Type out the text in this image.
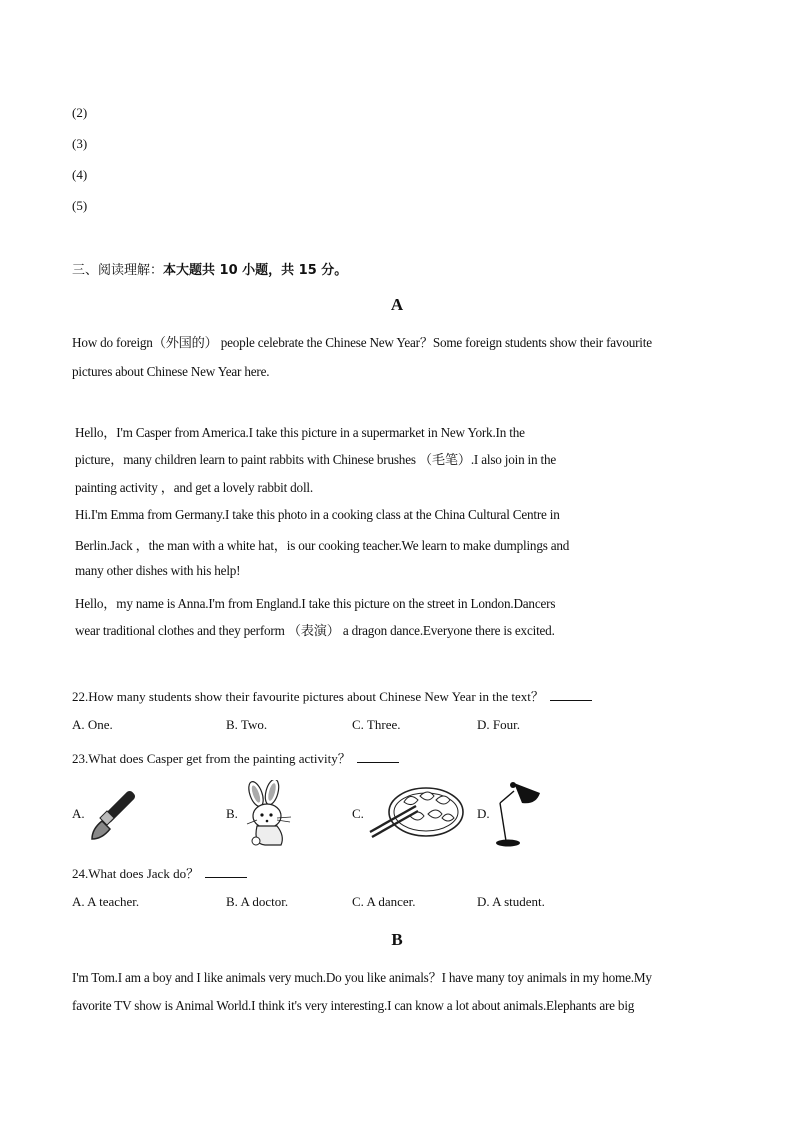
(2)
(3)
(4)
(5)
三、阅读理解：本大题共 10 小题，共 15 分。
A
How do foreign（外国的） people celebrate the Chinese New Year？Some foreign students show their favourite
pictures about Chinese New Year here.
Hello，I'm Casper from America.I take this picture in a supermarket in New York.In the
picture，many children learn to paint rabbits with Chinese brushes （毛笔）.I also join in the
painting activity ，and get a lovely rabbit doll.
Hi.I'm Emma from Germany.I take this photo in a cooking class at the China Cultural Centre in
Berlin.Jack ，the man with a white hat，is our cooking teacher.We learn to make dumplings and
many other dishes with his help!
Hello，my name is Anna.I'm from England.I take this picture on the street in London.Dancers
wear traditional clothes and they perform （表演） a dragon dance.Everyone there is excited.
22.How many students show their favourite pictures about Chinese New Year in the text？
A. One.	B. Two.	C. Three.	D. Four.
23.What does Casper get from the painting activity？
A.	B.	C.	D.
24.What does Jack do？
A. A teacher.	B. A doctor.	C. A dancer.	D. A student.
B
I'm Tom.I am a boy and I like animals very much.Do you like animals？I have many toy animals in my home.My
favorite TV show is Animal World.I think it's very interesting.I can know a lot about animals.Elephants are big
